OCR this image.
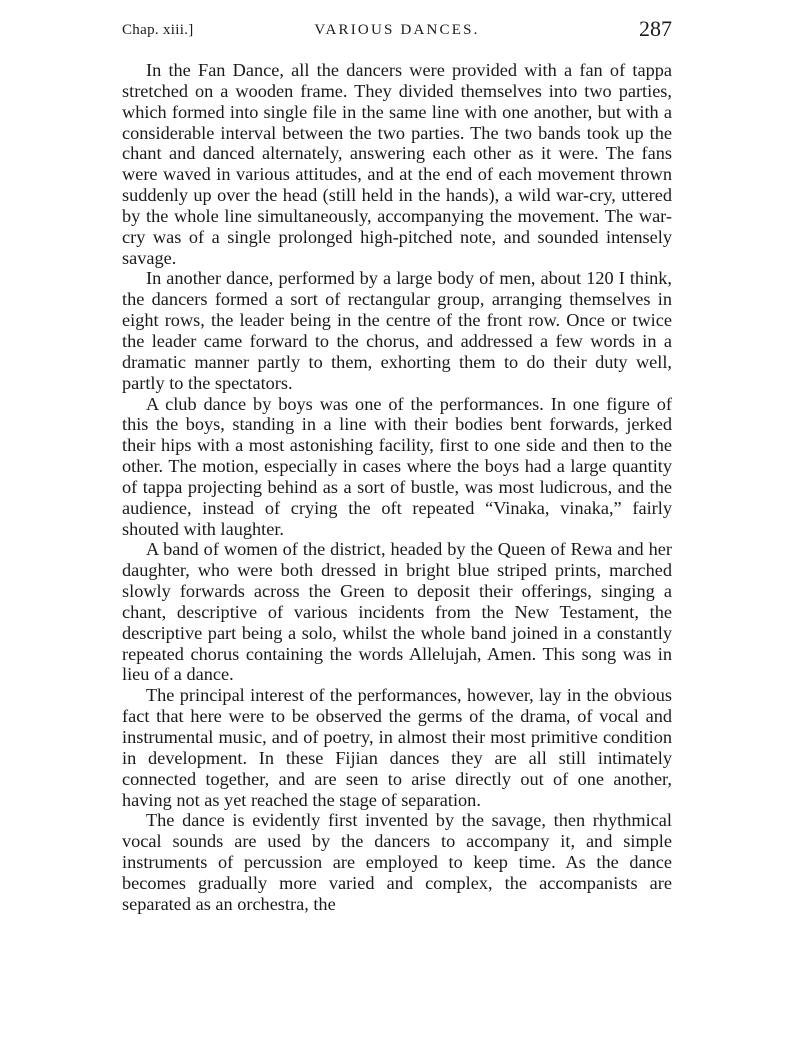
Chap. xiii.]	VARIOUS DANCES.	287

In the Fan Dance, all the dancers were provided with a fan of tappa stretched on a wooden frame. They divided themselves into two parties, which formed into single file in the same line with one another, but with a considerable interval between the two parties. The two bands took up the chant and danced alternately, answering each other as it were. The fans were waved in various attitudes, and at the end of each movement thrown suddenly up over the head (still held in the hands), a wild war-cry, uttered by the whole line simultaneously, accompanying the movement. The war-cry was of a single prolonged high-pitched note, and sounded intensely savage.

In another dance, performed by a large body of men, about 120 I think, the dancers formed a sort of rectangular group, arranging themselves in eight rows, the leader being in the centre of the front row. Once or twice the leader came forward to the chorus, and addressed a few words in a dramatic manner partly to them, exhorting them to do their duty well, partly to the spectators.

A club dance by boys was one of the performances. In one figure of this the boys, standing in a line with their bodies bent forwards, jerked their hips with a most astonishing facility, first to one side and then to the other. The motion, especially in cases where the boys had a large quantity of tappa projecting behind as a sort of bustle, was most ludicrous, and the audience, instead of crying the oft repeated “Vinaka, vinaka,” fairly shouted with laughter.

A band of women of the district, headed by the Queen of Rewa and her daughter, who were both dressed in bright blue striped prints, marched slowly forwards across the Green to deposit their offerings, singing a chant, descriptive of various incidents from the New Testament, the descriptive part being a solo, whilst the whole band joined in a constantly repeated chorus containing the words Allelujah, Amen. This song was in lieu of a dance.

The principal interest of the performances, however, lay in the obvious fact that here were to be observed the germs of the drama, of vocal and instrumental music, and of poetry, in almost their most primitive condition in development. In these Fijian dances they are all still intimately connected together, and are seen to arise directly out of one another, having not as yet reached the stage of separation.

The dance is evidently first invented by the savage, then rhythmical vocal sounds are used by the dancers to accompany it, and simple instruments of percussion are employed to keep time. As the dance becomes gradually more varied and complex, the accompanists are separated as an orchestra, the
